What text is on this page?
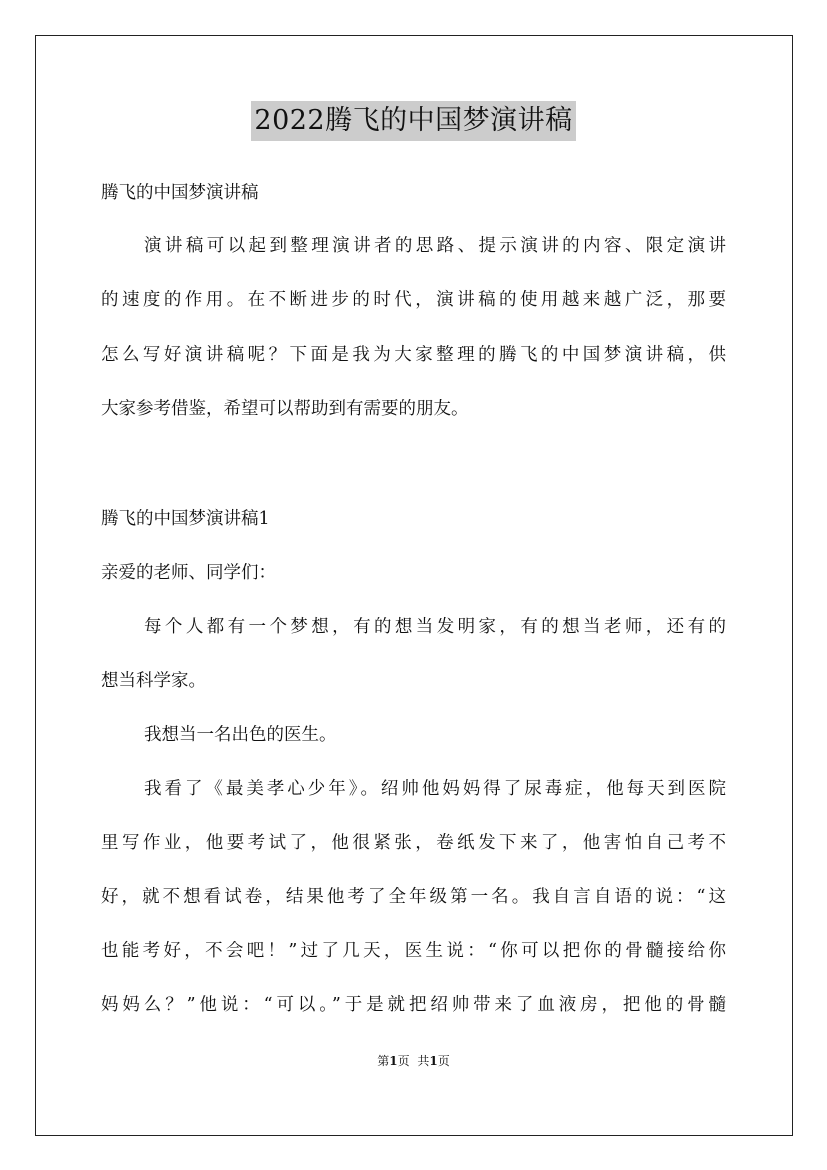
2022腾飞的中国梦演讲稿

腾飞的中国梦演讲稿

演讲稿可以起到整理演讲者的思路、提示演讲的内容、限定演讲

的速度的作用。在不断进步的时代，演讲稿的使用越来越广泛，那要

怎么写好演讲稿呢？下面是我为大家整理的腾飞的中国梦演讲稿，供

大家参考借鉴，希望可以帮助到有需要的朋友。

腾飞的中国梦演讲稿1

亲爱的老师、同学们：

每个人都有一个梦想，有的想当发明家，有的想当老师，还有的

想当科学家。

我想当一名出色的医生。

我看了《最美孝心少年》。绍帅他妈妈得了尿毒症，他每天到医院

里写作业，他要考试了，他很紧张，卷纸发下来了，他害怕自己考不

好，就不想看试卷，结果他考了全年级第一名。我自言自语的说：“这

也能考好，不会吧！”过了几天，医生说：“你可以把你的骨髓接给你

妈妈么？”他说：“可以。”于是就把绍帅带来了血液房，把他的骨髓

第1页 共1页
